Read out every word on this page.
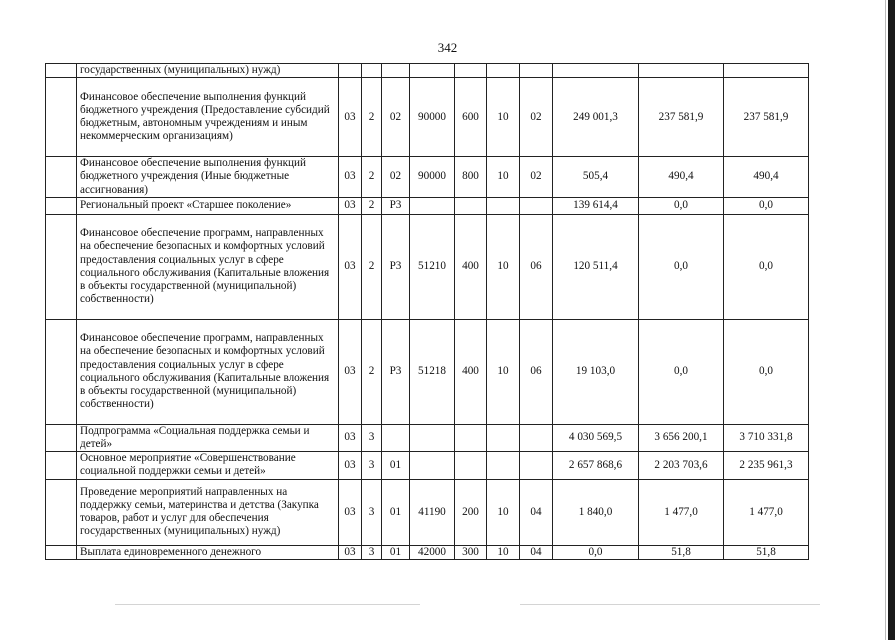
342
	государственных (муниципальных) нужд)										
	Финансовое обеспечение выполнения функций бюджетного учреждения (Предоставление субсидий бюджетным, автономным учреждениям и иным некоммерческим организациям)	03	2	02	90000	600	10	02	249 001,3	237 581,9	237 581,9
	Финансовое обеспечение выполнения функций бюджетного учреждения (Иные бюджетные ассигнования)	03	2	02	90000	800	10	02	505,4	490,4	490,4
	Региональный проект «Старшее поколение»	03	2	P3					139 614,4	0,0	0,0
	Финансовое обеспечение программ, направленных на обеспечение безопасных и комфортных условий предоставления социальных услуг в сфере социального обслуживания (Капитальные вложения в объекты государственной (муниципальной) собственности)	03	2	P3	51210	400	10	06	120 511,4	0,0	0,0
	Финансовое обеспечение программ, направленных на обеспечение безопасных и комфортных условий предоставления социальных услуг в сфере социального обслуживания (Капитальные вложения в объекты государственной (муниципальной) собственности)	03	2	P3	51218	400	10	06	19 103,0	0,0	0,0
	Подпрограмма «Социальная поддержка семьи и детей»	03	3						4 030 569,5	3 656 200,1	3 710 331,8
	Основное мероприятие «Совершенствование социальной поддержки семьи и детей»	03	3	01					2 657 868,6	2 203 703,6	2 235 961,3
	Проведение мероприятий направленных на поддержку семьи, материнства и детства (Закупка товаров, работ и услуг для обеспечения государственных (муниципальных) нужд)	03	3	01	41190	200	10	04	1 840,0	1 477,0	1 477,0
	Выплата единовременного денежного	03	3	01	42000	300	10	04	0,0	51,8	51,8
